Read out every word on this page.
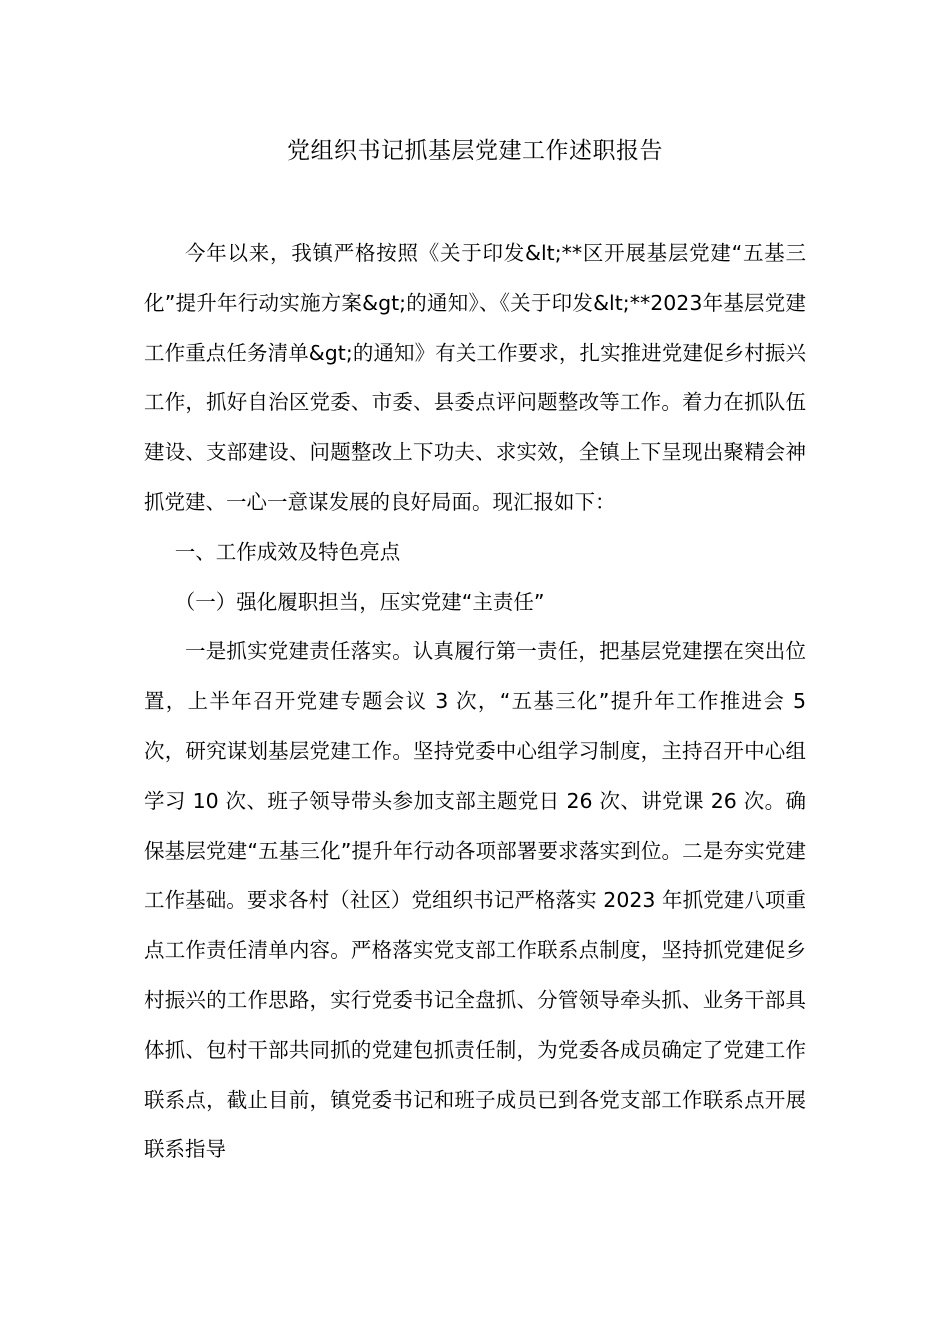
党组织书记抓基层党建工作述职报告

今年以来，我镇严格按照《关于印发&lt;**区开展基层党建“五基三化”提升年行动实施方案&gt;的通知》、《关于印发&lt;**2023年基层党建工作重点任务清单&gt;的通知》有关工作要求，扎实推进党建促乡村振兴工作，抓好自治区党委、市委、县委点评问题整改等工作。着力在抓队伍建设、支部建设、问题整改上下功夫、求实效，全镇上下呈现出聚精会神抓党建、一心一意谋发展的良好局面。现汇报如下：

一、工作成效及特色亮点

（一）强化履职担当，压实党建“主责任”

一是抓实党建责任落实。认真履行第一责任，把基层党建摆在突出位置，上半年召开党建专题会议 3 次，“五基三化”提升年工作推进会 5 次，研究谋划基层党建工作。坚持党委中心组学习制度，主持召开中心组学习 10 次、班子领导带头参加支部主题党日 26 次、讲党课 26 次。确保基层党建“五基三化”提升年行动各项部署要求落实到位。二是夯实党建工作基础。要求各村（社区）党组织书记严格落实 2023 年抓党建八项重点工作责任清单内容。严格落实党支部工作联系点制度，坚持抓党建促乡村振兴的工作思路，实行党委书记全盘抓、分管领导牵头抓、业务干部具体抓、包村干部共同抓的党建包抓责任制，为党委各成员确定了党建工作联系点，截止目前，镇党委书记和班子成员已到各党支部工作联系点开展联系指导
